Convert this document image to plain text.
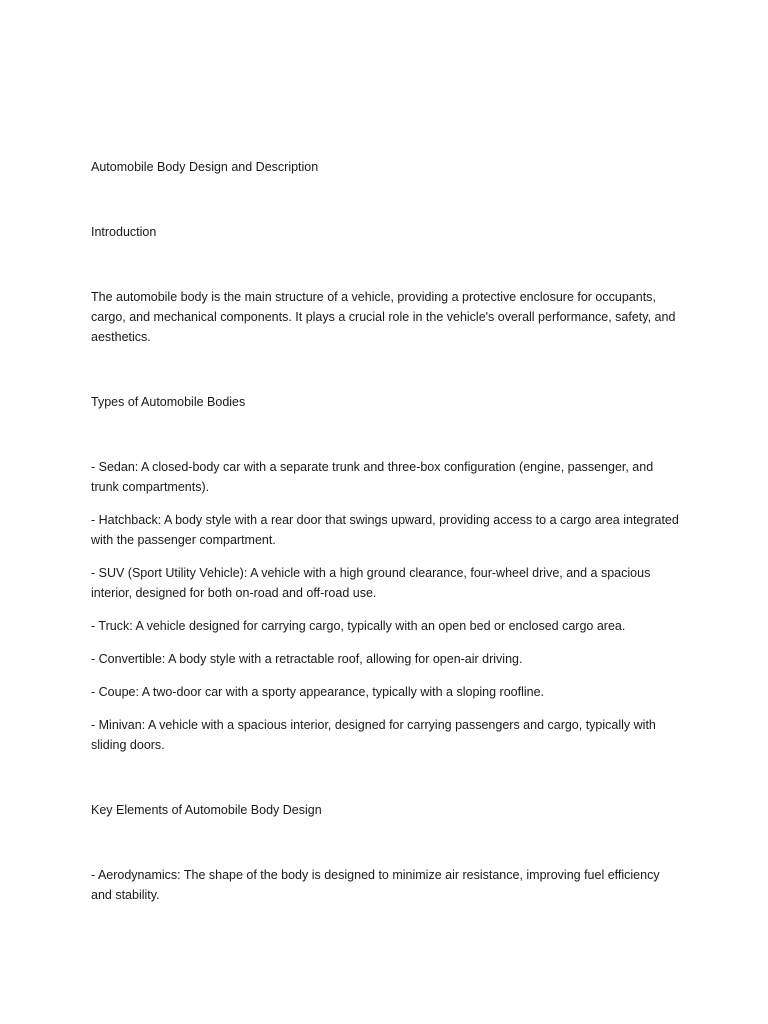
Automobile Body Design and Description

Introduction

The automobile body is the main structure of a vehicle, providing a protective enclosure for occupants, cargo, and mechanical components. It plays a crucial role in the vehicle's overall performance, safety, and aesthetics.

Types of Automobile Bodies

- Sedan: A closed-body car with a separate trunk and three-box configuration (engine, passenger, and trunk compartments).

- Hatchback: A body style with a rear door that swings upward, providing access to a cargo area integrated with the passenger compartment.

- SUV (Sport Utility Vehicle): A vehicle with a high ground clearance, four-wheel drive, and a spacious interior, designed for both on-road and off-road use.

- Truck: A vehicle designed for carrying cargo, typically with an open bed or enclosed cargo area.

- Convertible: A body style with a retractable roof, allowing for open-air driving.

- Coupe: A two-door car with a sporty appearance, typically with a sloping roofline.

- Minivan: A vehicle with a spacious interior, designed for carrying passengers and cargo, typically with sliding doors.

Key Elements of Automobile Body Design

- Aerodynamics: The shape of the body is designed to minimize air resistance, improving fuel efficiency and stability.
